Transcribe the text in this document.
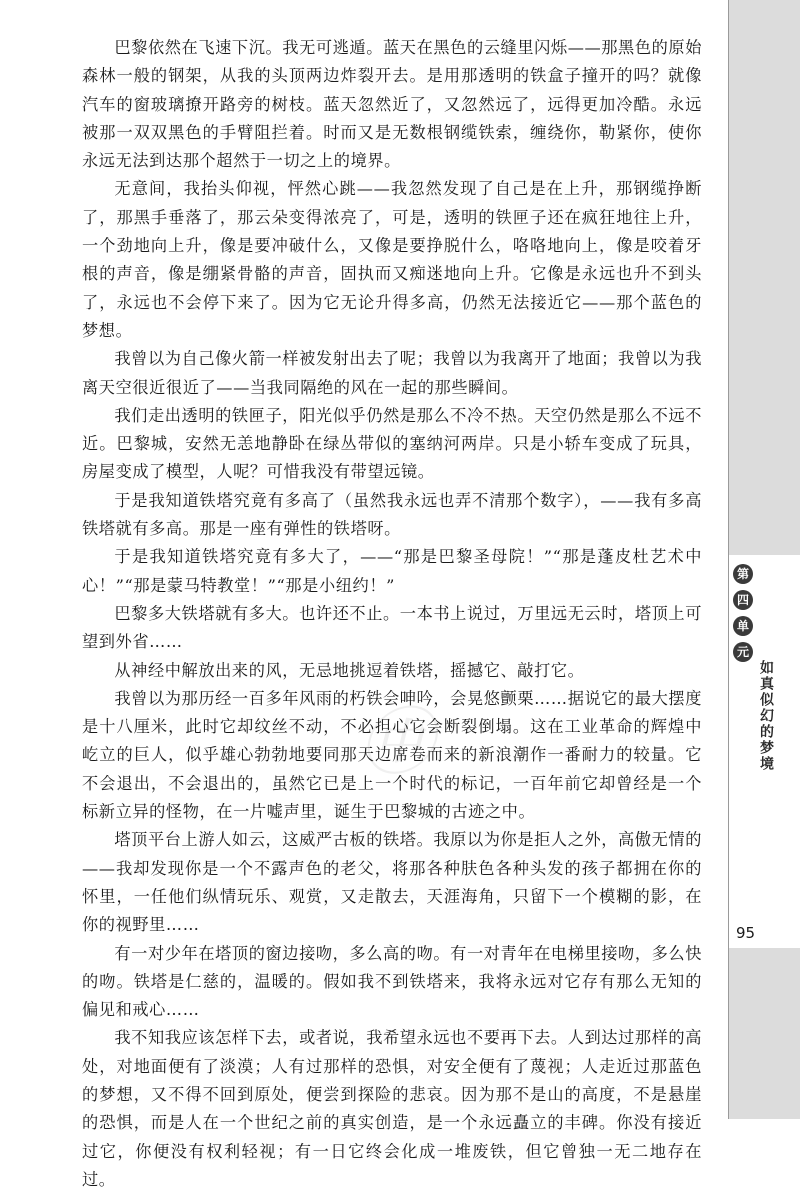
㊥

巴黎依然在飞速下沉。我无可逃遁。蓝天在黑色的云缝里闪烁——那黑色的原始森林一般的钢架，从我的头顶两边炸裂开去。是用那透明的铁盒子撞开的吗？就像汽车的窗玻璃撩开路旁的树枝。蓝天忽然近了，又忽然远了，远得更加冷酷。永远被那一双双黑色的手臂阻拦着。时而又是无数根钢缆铁索，缠绕你，勒紧你，使你永远无法到达那个超然于一切之上的境界。

无意间，我抬头仰视，怦然心跳——我忽然发现了自己是在上升，那钢缆挣断了，那黑手垂落了，那云朵变得浓亮了，可是，透明的铁匣子还在疯狂地往上升，一个劲地向上升，像是要冲破什么，又像是要挣脱什么，咯咯地向上，像是咬着牙根的声音，像是绷紧骨骼的声音，固执而又痴迷地向上升。它像是永远也升不到头了，永远也不会停下来了。因为它无论升得多高，仍然无法接近它——那个蓝色的梦想。

我曾以为自己像火箭一样被发射出去了呢；我曾以为我离开了地面；我曾以为我离天空很近很近了——当我同隔绝的风在一起的那些瞬间。

我们走出透明的铁匣子，阳光似乎仍然是那么不冷不热。天空仍然是那么不远不近。巴黎城，安然无恙地静卧在绿丛带似的塞纳河两岸。只是小轿车变成了玩具，房屋变成了模型，人呢？可惜我没有带望远镜。

于是我知道铁塔究竟有多高了（虽然我永远也弄不清那个数字），——我有多高铁塔就有多高。那是一座有弹性的铁塔呀。

于是我知道铁塔究竟有多大了，——“那是巴黎圣母院！”“那是蓬皮杜艺术中心！”“那是蒙马特教堂！”“那是小纽约！”

巴黎多大铁塔就有多大。也许还不止。一本书上说过，万里远无云时，塔顶上可望到外省……

从神经中解放出来的风，无忌地挑逗着铁塔，摇撼它、敲打它。

我曾以为那历经一百多年风雨的朽铁会呻吟，会晃悠颤栗……据说它的最大摆度是十八厘米，此时它却纹丝不动，不必担心它会断裂倒塌。这在工业革命的辉煌中屹立的巨人，似乎雄心勃勃地要同那天边席卷而来的新浪潮作一番耐力的较量。它不会退出，不会退出的，虽然它已是上一个时代的标记，一百年前它却曾经是一个标新立异的怪物，在一片嘘声里，诞生于巴黎城的古迹之中。

塔顶平台上游人如云，这威严古板的铁塔。我原以为你是拒人之外，高傲无情的——我却发现你是一个不露声色的老父，将那各种肤色各种头发的孩子都拥在你的怀里，一任他们纵情玩乐、观赏，又走散去，天涯海角，只留下一个模糊的影，在你的视野里……

有一对少年在塔顶的窗边接吻，多么高的吻。有一对青年在电梯里接吻，多么快的吻。铁塔是仁慈的，温暖的。假如我不到铁塔来，我将永远对它存有那么无知的偏见和戒心……

我不知我应该怎样下去，或者说，我希望永远也不要再下去。人到达过那样的高处，对地面便有了淡漠；人有过那样的恐惧，对安全便有了蔑视；人走近过那蓝色的梦想，又不得不回到原处，便尝到探险的悲哀。因为那不是山的高度，不是悬崖的恐惧，而是人在一个世纪之前的真实创造，是一个永远矗立的丰碑。你没有接近过它，你便没有权利轻视；有一日它终会化成一堆废铁，但它曾独一无二地存在过。

第
四
单
元
如真似幻的梦境
95
